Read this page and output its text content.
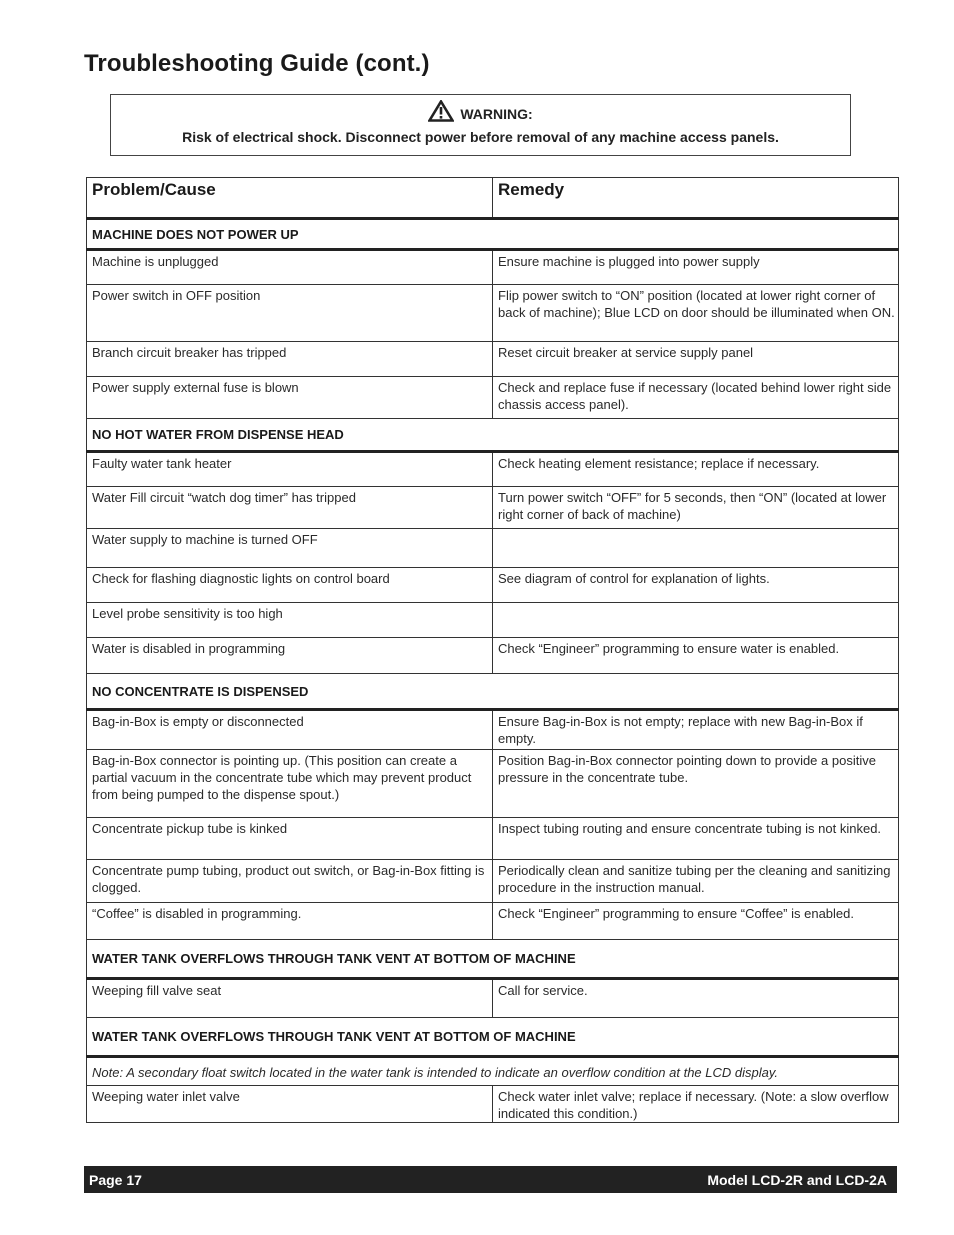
Troubleshooting Guide (cont.)
WARNING:
Risk of electrical shock. Disconnect power before removal of any machine access panels.
Problem/Cause	Remedy
MACHINE DOES NOT POWER UP	
Machine is unplugged	Ensure machine is plugged into power supply
Power switch in OFF position	Flip power switch to “ON” position (located at lower right corner of back of machine); Blue LCD on door should be illuminated when ON.
Branch circuit breaker has tripped	Reset circuit breaker at service supply panel
Power supply external fuse is blown	Check and replace fuse if necessary (located behind lower right side chassis access panel).
NO HOT WATER FROM DISPENSE HEAD	
Faulty water tank heater	Check heating element resistance; replace if necessary.
Water Fill circuit “watch dog timer” has tripped	Turn power switch “OFF” for 5 seconds, then “ON” (located at lower right corner of back of machine)
Water supply to machine is turned OFF	
Check for flashing diagnostic lights on control board	See diagram of control for explanation of lights.
Level probe sensitivity is too high	
Water is disabled in programming	Check “Engineer” programming to ensure water is enabled.
NO CONCENTRATE IS DISPENSED	
Bag-in-Box is empty or disconnected	Ensure Bag-in-Box is not empty; replace with new Bag-in-Box if empty.
Bag-in-Box connector is pointing up. (This position can create a partial vacuum in the concentrate tube which may prevent product from being pumped to the dispense spout.)	Position Bag-in-Box connector pointing down to provide a positive pressure in the concentrate tube.
Concentrate pickup tube is kinked	Inspect tubing routing and ensure concentrate tubing is not kinked.
Concentrate pump tubing, product out switch, or Bag-in-Box fitting is clogged.	Periodically clean and sanitize tubing per the cleaning and sanitizing procedure in the instruction manual.
“Coffee” is disabled in programming.	Check “Engineer” programming to ensure “Coffee” is enabled.
WATER TANK OVERFLOWS THROUGH TANK VENT AT BOTTOM OF MACHINE	
Weeping fill valve seat	Call for service.
WATER TANK OVERFLOWS THROUGH TANK VENT AT BOTTOM OF MACHINE	
Note: A secondary float switch located in the water tank is intended to indicate an overflow condition at the LCD display.	
Weeping water inlet valve	Check water inlet valve; replace if necessary. (Note: a slow overflow indicated this condition.)
Page 17	Model LCD-2R and LCD-2A
